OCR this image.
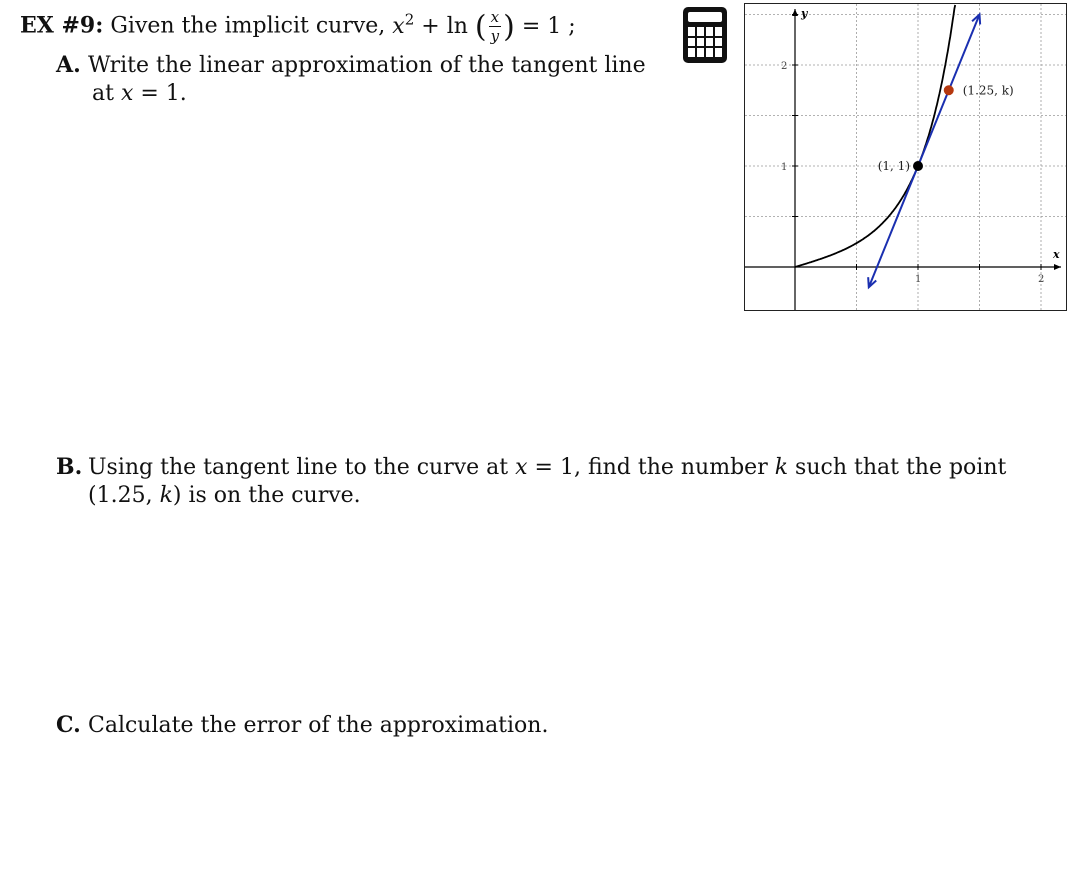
EX #9: Given the implicit curve, $x^2 + \ln$ ( $\frac{x}{y}$ ) = 1 ;
A. Write the linear approximation of the tangent line
at x = 1.
x
y
1	2
1
2
(1, 1)
(1.25, k)
B. Using the tangent line to the curve at x = 1, find the number k such that the point
(1.25, k) is on the curve.
C. Calculate the error of the approximation.
